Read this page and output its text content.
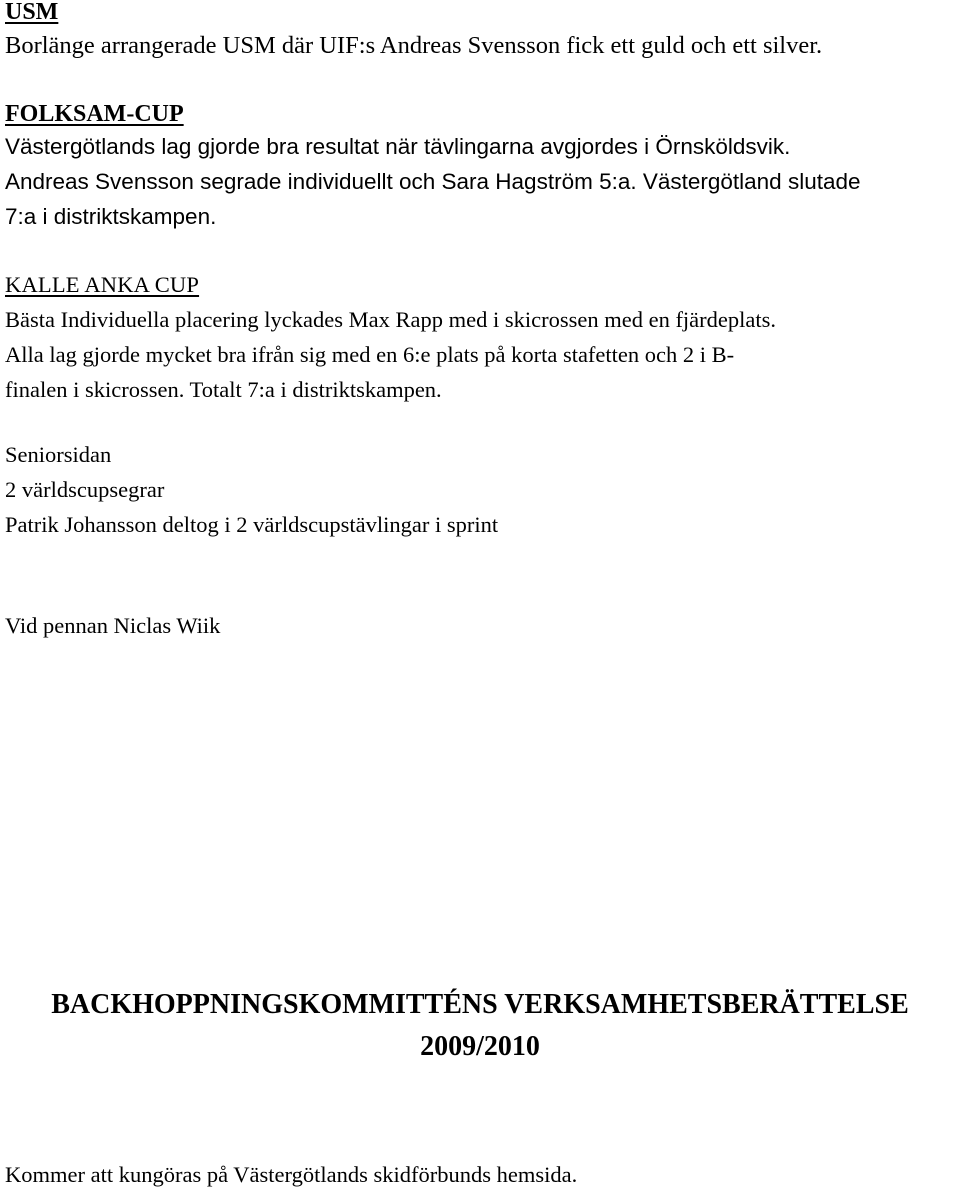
USM
Borlänge arrangerade USM där UIF:s Andreas Svensson fick ett guld och ett silver.
FOLKSAM-CUP
Västergötlands lag gjorde bra resultat när tävlingarna avgjordes i Örnsköldsvik.
Andreas Svensson segrade individuellt och Sara Hagström 5:a. Västergötland slutade
7:a i distriktskampen.
KALLE ANKA CUP
Bästa Individuella placering lyckades Max Rapp med i skicrossen med en fjärdeplats.
Alla lag gjorde mycket bra ifrån sig med en 6:e plats på korta stafetten och 2 i B-
finalen i skicrossen. Totalt 7:a i distriktskampen.
Seniorsidan
2 världscupsegrar
Patrik Johansson deltog i 2 världscupstävlingar i sprint
Vid pennan Niclas Wiik
BACKHOPPNINGSKOMMITTÉNS VERKSAMHETSBERÄTTELSE
2009/2010
Kommer att kungöras på Västergötlands skidförbunds hemsida.
